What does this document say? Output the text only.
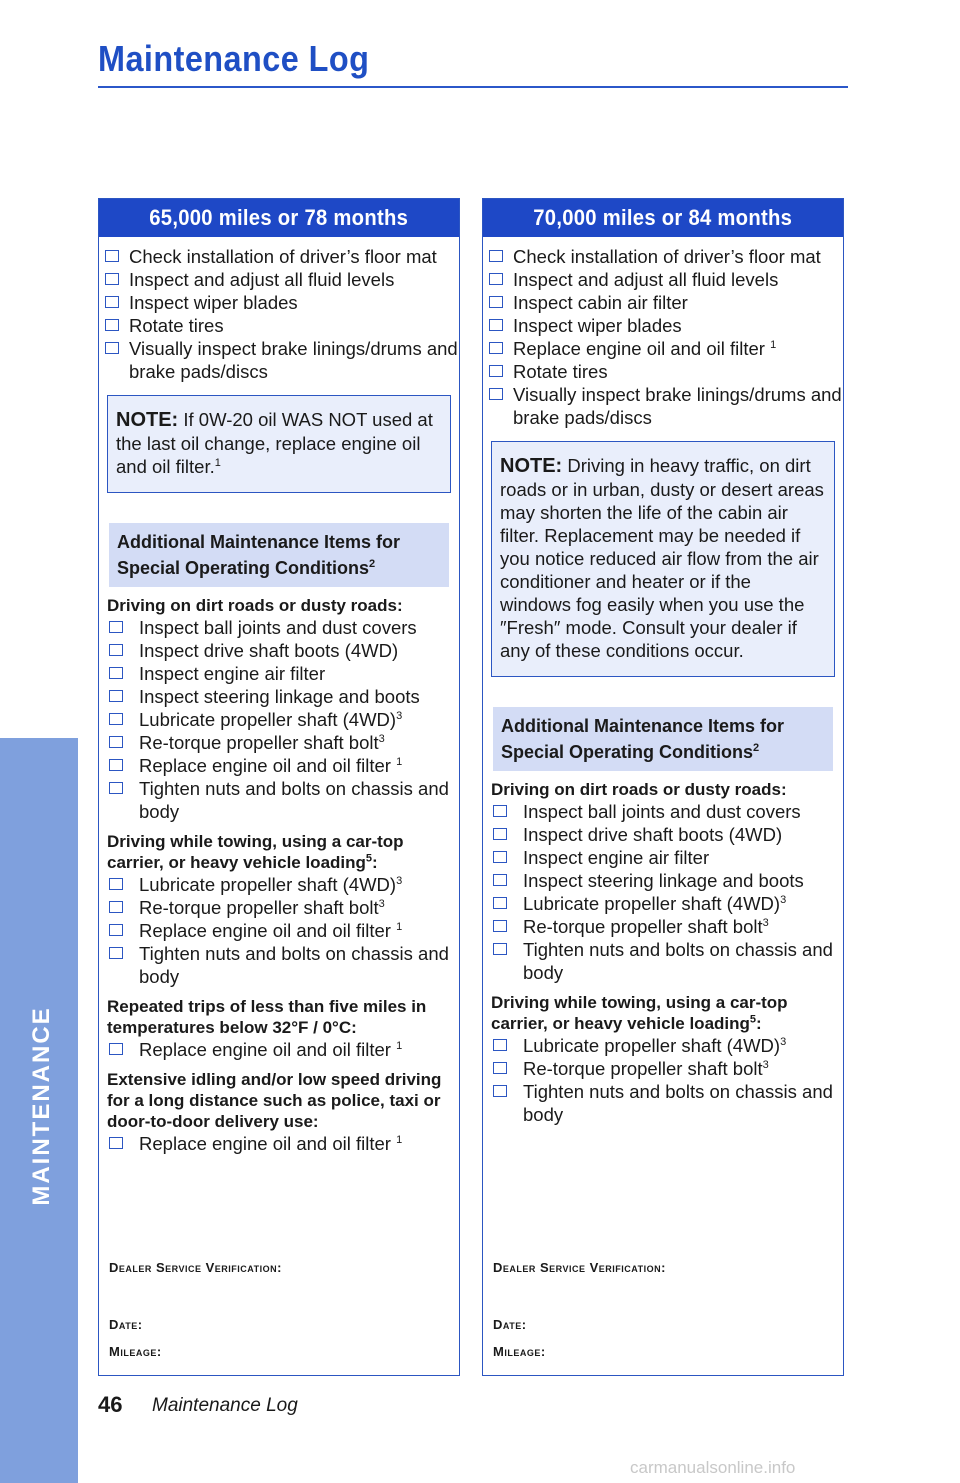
Maintenance Log
MAINTENANCE
65,000 miles or 78 months
Check installation of driver’s floor mat
Inspect and adjust all fluid levels
Inspect wiper blades
Rotate tires
Visually inspect brake linings/drums and brake pads/discs
NOTE: If 0W-20 oil WAS NOT used at the last oil change, replace engine oil and oil filter.$^1$
Additional Maintenance Items for Special Operating Conditions$^2$
Driving on dirt roads or dusty roads:
Inspect ball joints and dust covers
Inspect drive shaft boots (4WD)
Inspect engine air filter
Inspect steering linkage and boots
Lubricate propeller shaft $(4WD)^3$
Re-torque propeller shaft bolt$^3$
Replace engine oil and oil filter $^1$
Tighten nuts and bolts on chassis and body
Driving while towing, using a car-top carrier, or heavy vehicle loading$^5$:
Lubricate propeller shaft $(4WD)^3$
Re-torque propeller shaft bolt$^3$
Replace engine oil and oil filter $^1$
Tighten nuts and bolts on chassis and body
Repeated trips of less than five miles in temperatures below 32°F / 0°C:
Replace engine oil and oil filter $^1$
Extensive idling and/or low speed driving for a long distance such as police, taxi or door-to-door delivery use:
Replace engine oil and oil filter $^1$
Dealer Service Verification:
Date:
Mileage:
70,000 miles or 84 months
Check installation of driver’s floor mat
Inspect and adjust all fluid levels
Inspect cabin air filter
Inspect wiper blades
Replace engine oil and oil filter $^1$
Rotate tires
Visually inspect brake linings/drums and brake pads/discs
NOTE: Driving in heavy traffic, on dirt roads or in urban, dusty or desert areas may shorten the life of the cabin air filter. Replacement may be needed if you notice reduced air flow from the air conditioner and heater or if the windows fog easily when you use the ″Fresh″ mode. Consult your dealer if any of these conditions occur.
Additional Maintenance Items for Special Operating Conditions$^2$
Driving on dirt roads or dusty roads:
Inspect ball joints and dust covers
Inspect drive shaft boots (4WD)
Inspect engine air filter
Inspect steering linkage and boots
Lubricate propeller shaft $(4WD)^3$
Re-torque propeller shaft bolt$^3$
Tighten nuts and bolts on chassis and body
Driving while towing, using a car-top carrier, or heavy vehicle loading$^5$:
Lubricate propeller shaft $(4WD)^3$
Re-torque propeller shaft bolt$^3$
Tighten nuts and bolts on chassis and body
Dealer Service Verification:
Date:
Mileage:
46 Maintenance Log
carmanualsonline.info
